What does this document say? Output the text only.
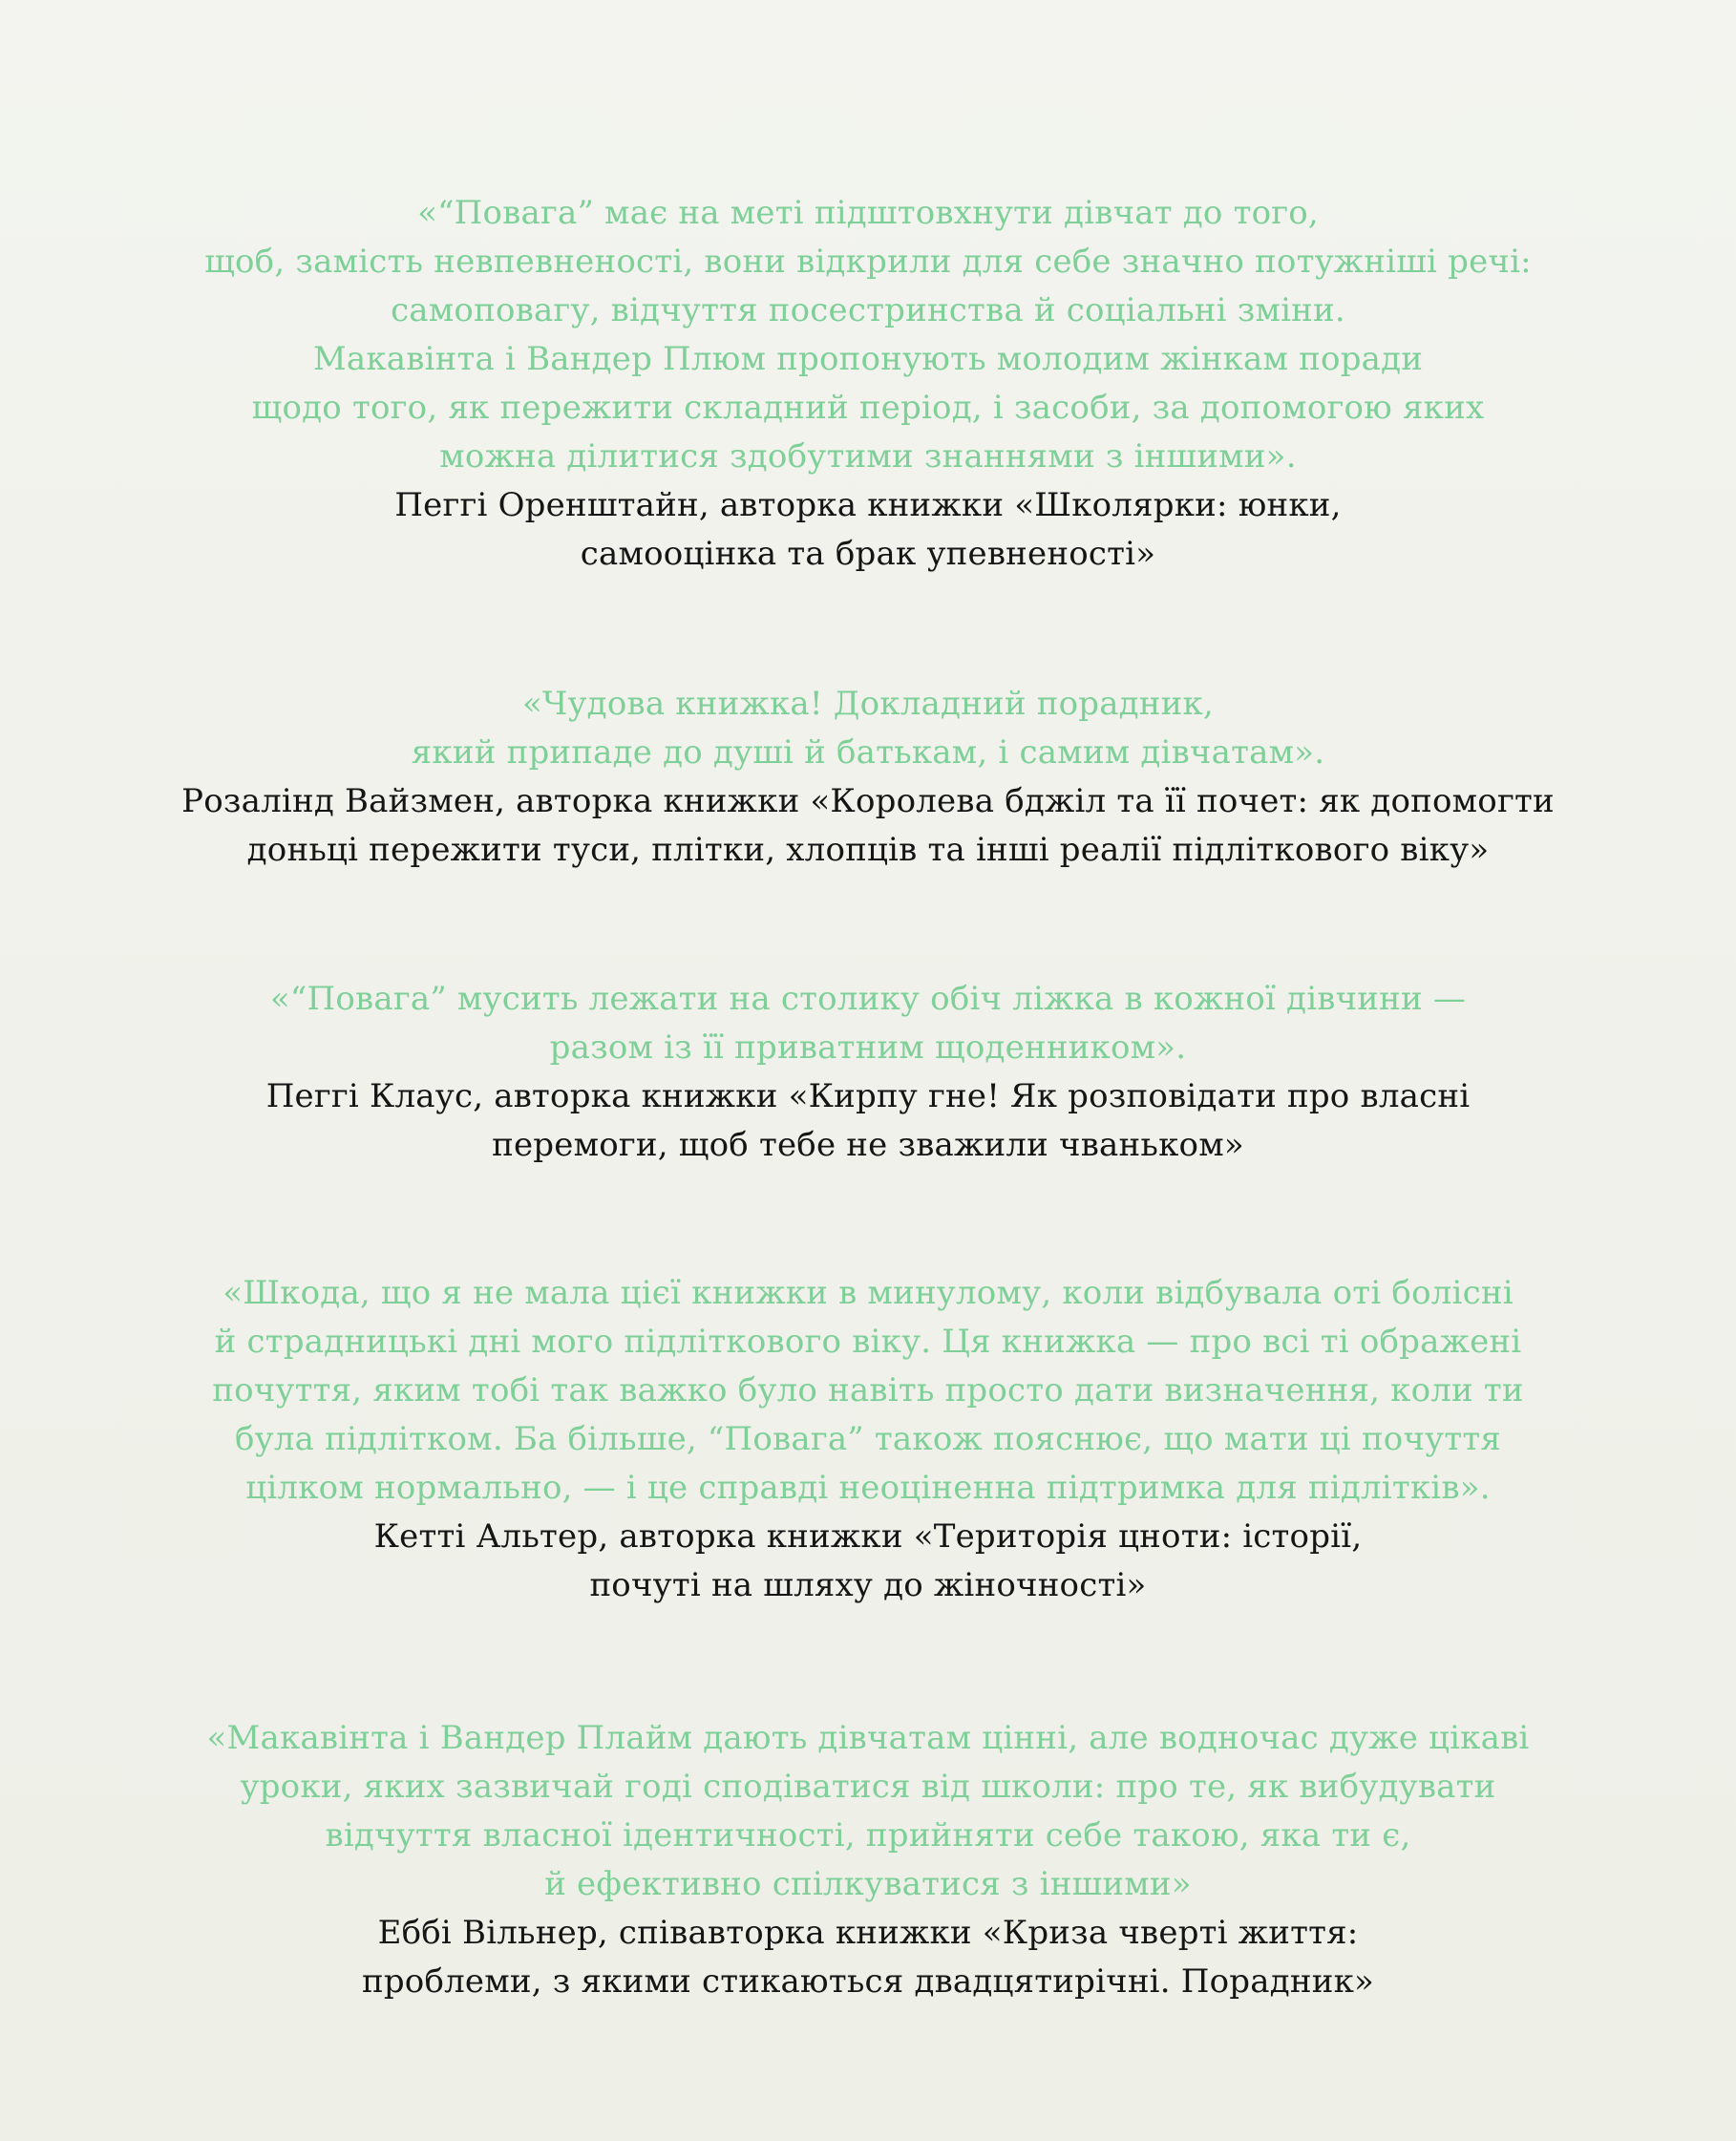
«“Повага” має на меті підштовхнути дівчат до того,
щоб, замість невпевненості, вони відкрили для себе значно потужніші речі:
самоповагу, відчуття посестринства й соціальні зміни.
Макавінта і Вандер Плюм пропонують молодим жінкам поради
щодо того, як пережити складний період, і засоби, за допомогою яких
можна ділитися здобутими знаннями з іншими».
Пеггі Оренштайн, авторка книжки «Школярки: юнки,
самооцінка та брак упевненості»
«Чудова книжка! Докладний порадник,
який припаде до душі й батькам, і самим дівчатам».
Розалінд Вайзмен, авторка книжки «Королева бджіл та її почет: як допомогти
доньці пережити туси, плітки, хлопців та інші реалії підліткового віку»
«“Повага” мусить лежати на столику обіч ліжка в кожної дівчини —
разом із її приватним щоденником».
Пеггі Клаус, авторка книжки «Кирпу гне! Як розповідати про власні
перемоги, щоб тебе не зважили чваньком»
«Шкода, що я не мала цієї книжки в минулому, коли відбувала оті болісні
й страдницькі дні мого підліткового віку. Ця книжка — про всі ті ображені
почуття, яким тобі так важко було навіть просто дати визначення, коли ти
була підлітком. Ба більше, “Повага” також пояснює, що мати ці почуття
цілком нормально, — і це справді неоціненна підтримка для підлітків».
Кетті Альтер, авторка книжки «Територія цноти: історії,
почуті на шляху до жіночності»
«Макавінта і Вандер Плайм дають дівчатам цінні, але водночас дуже цікаві
уроки, яких зазвичай годі сподіватися від школи: про те, як вибудувати
відчуття власної ідентичності, прийняти себе такою, яка ти є,
й ефективно спілкуватися з іншими»
Еббі Вільнер, співавторка книжки «Криза чверті життя:
проблеми, з якими стикаються двадцятирічні. Порадник»
